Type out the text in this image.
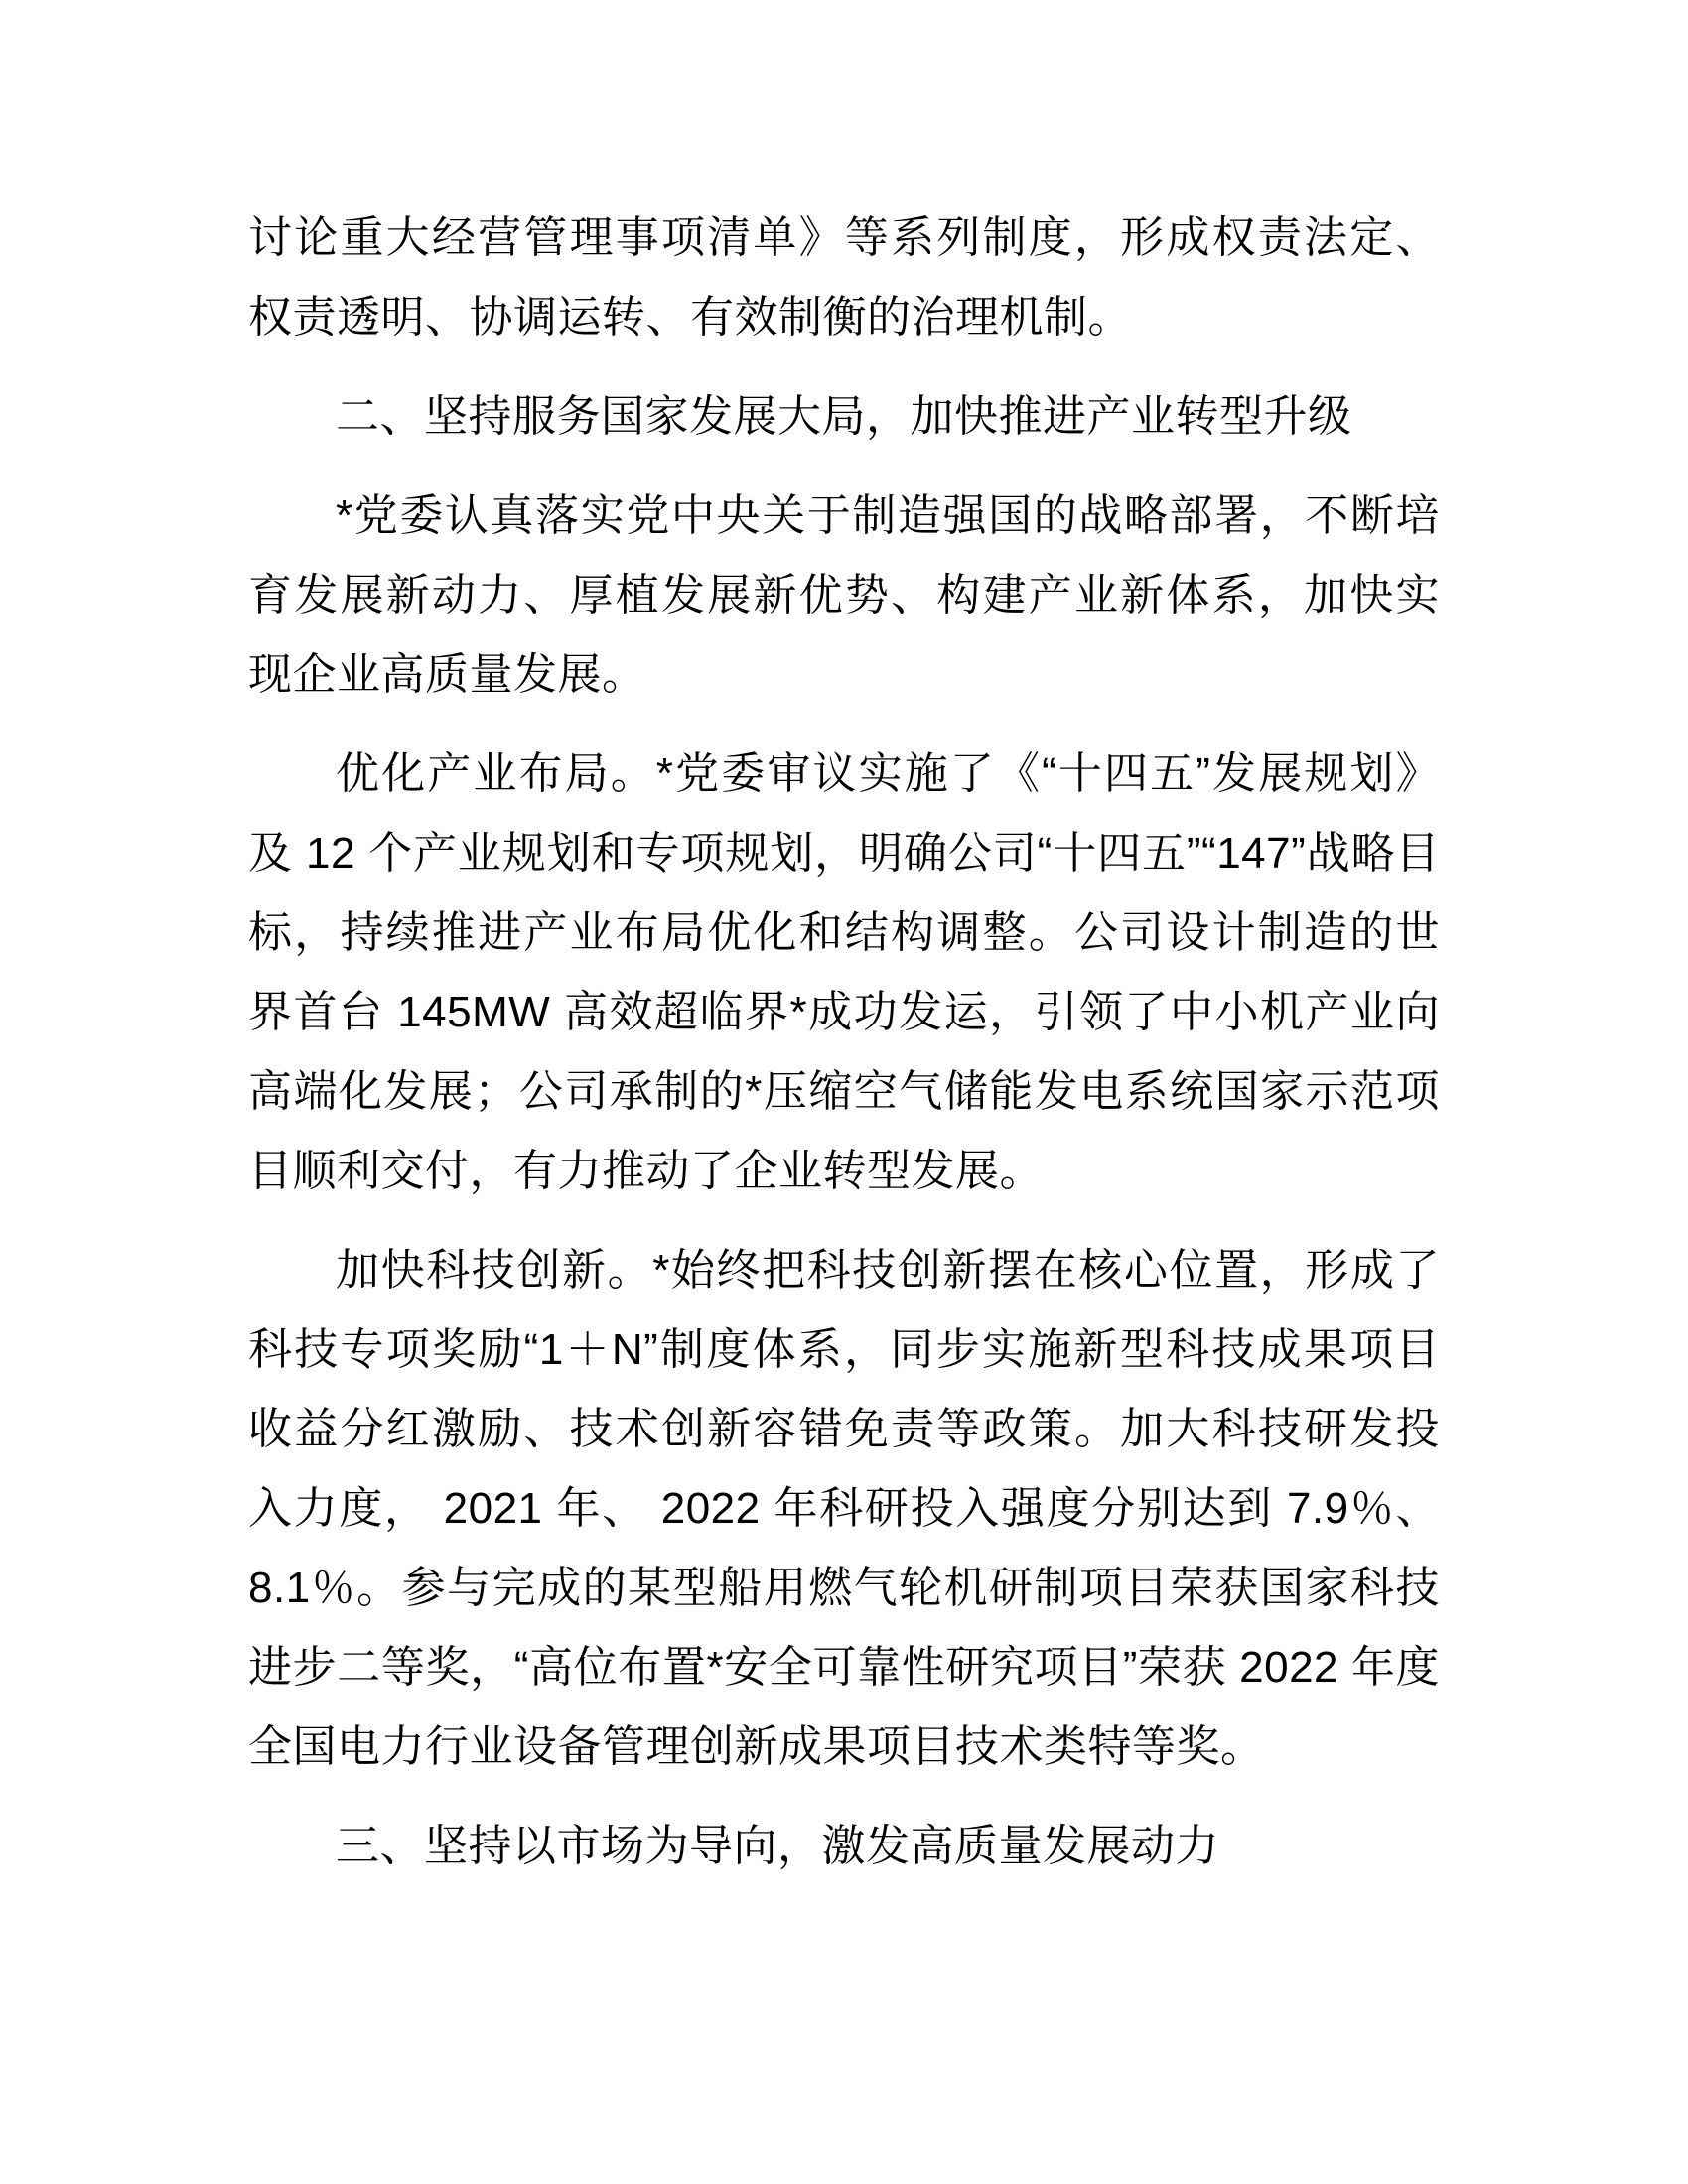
讨论重大经营管理事项清单》等系列制度，形成权责法定、权责透明、协调运转、有效制衡的治理机制。

二、坚持服务国家发展大局，加快推进产业转型升级

*党委认真落实党中央关于制造强国的战略部署，不断培育发展新动力、厚植发展新优势、构建产业新体系，加快实现企业高质量发展。

优化产业布局。*党委审议实施了《“十四五”发展规划》及 12 个产业规划和专项规划，明确公司“十四五”“147”战略目标，持续推进产业布局优化和结构调整。公司设计制造的世界首台 145MW 高效超临界*成功发运，引领了中小机产业向高端化发展；公司承制的*压缩空气储能发电系统国家示范项目顺利交付，有力推动了企业转型发展。

加快科技创新。*始终把科技创新摆在核心位置，形成了科技专项奖励“1＋N”制度体系，同步实施新型科技成果项目收益分红激励、技术创新容错免责等政策。加大科技研发投入力度， 2021 年、 2022 年科研投入强度分别达到 7.9％、8.1％。参与完成的某型船用燃气轮机研制项目荣获国家科技进步二等奖，“高位布置*安全可靠性研究项目”荣获 2022 年度全国电力行业设备管理创新成果项目技术类特等奖。

三、坚持以市场为导向，激发高质量发展动力
